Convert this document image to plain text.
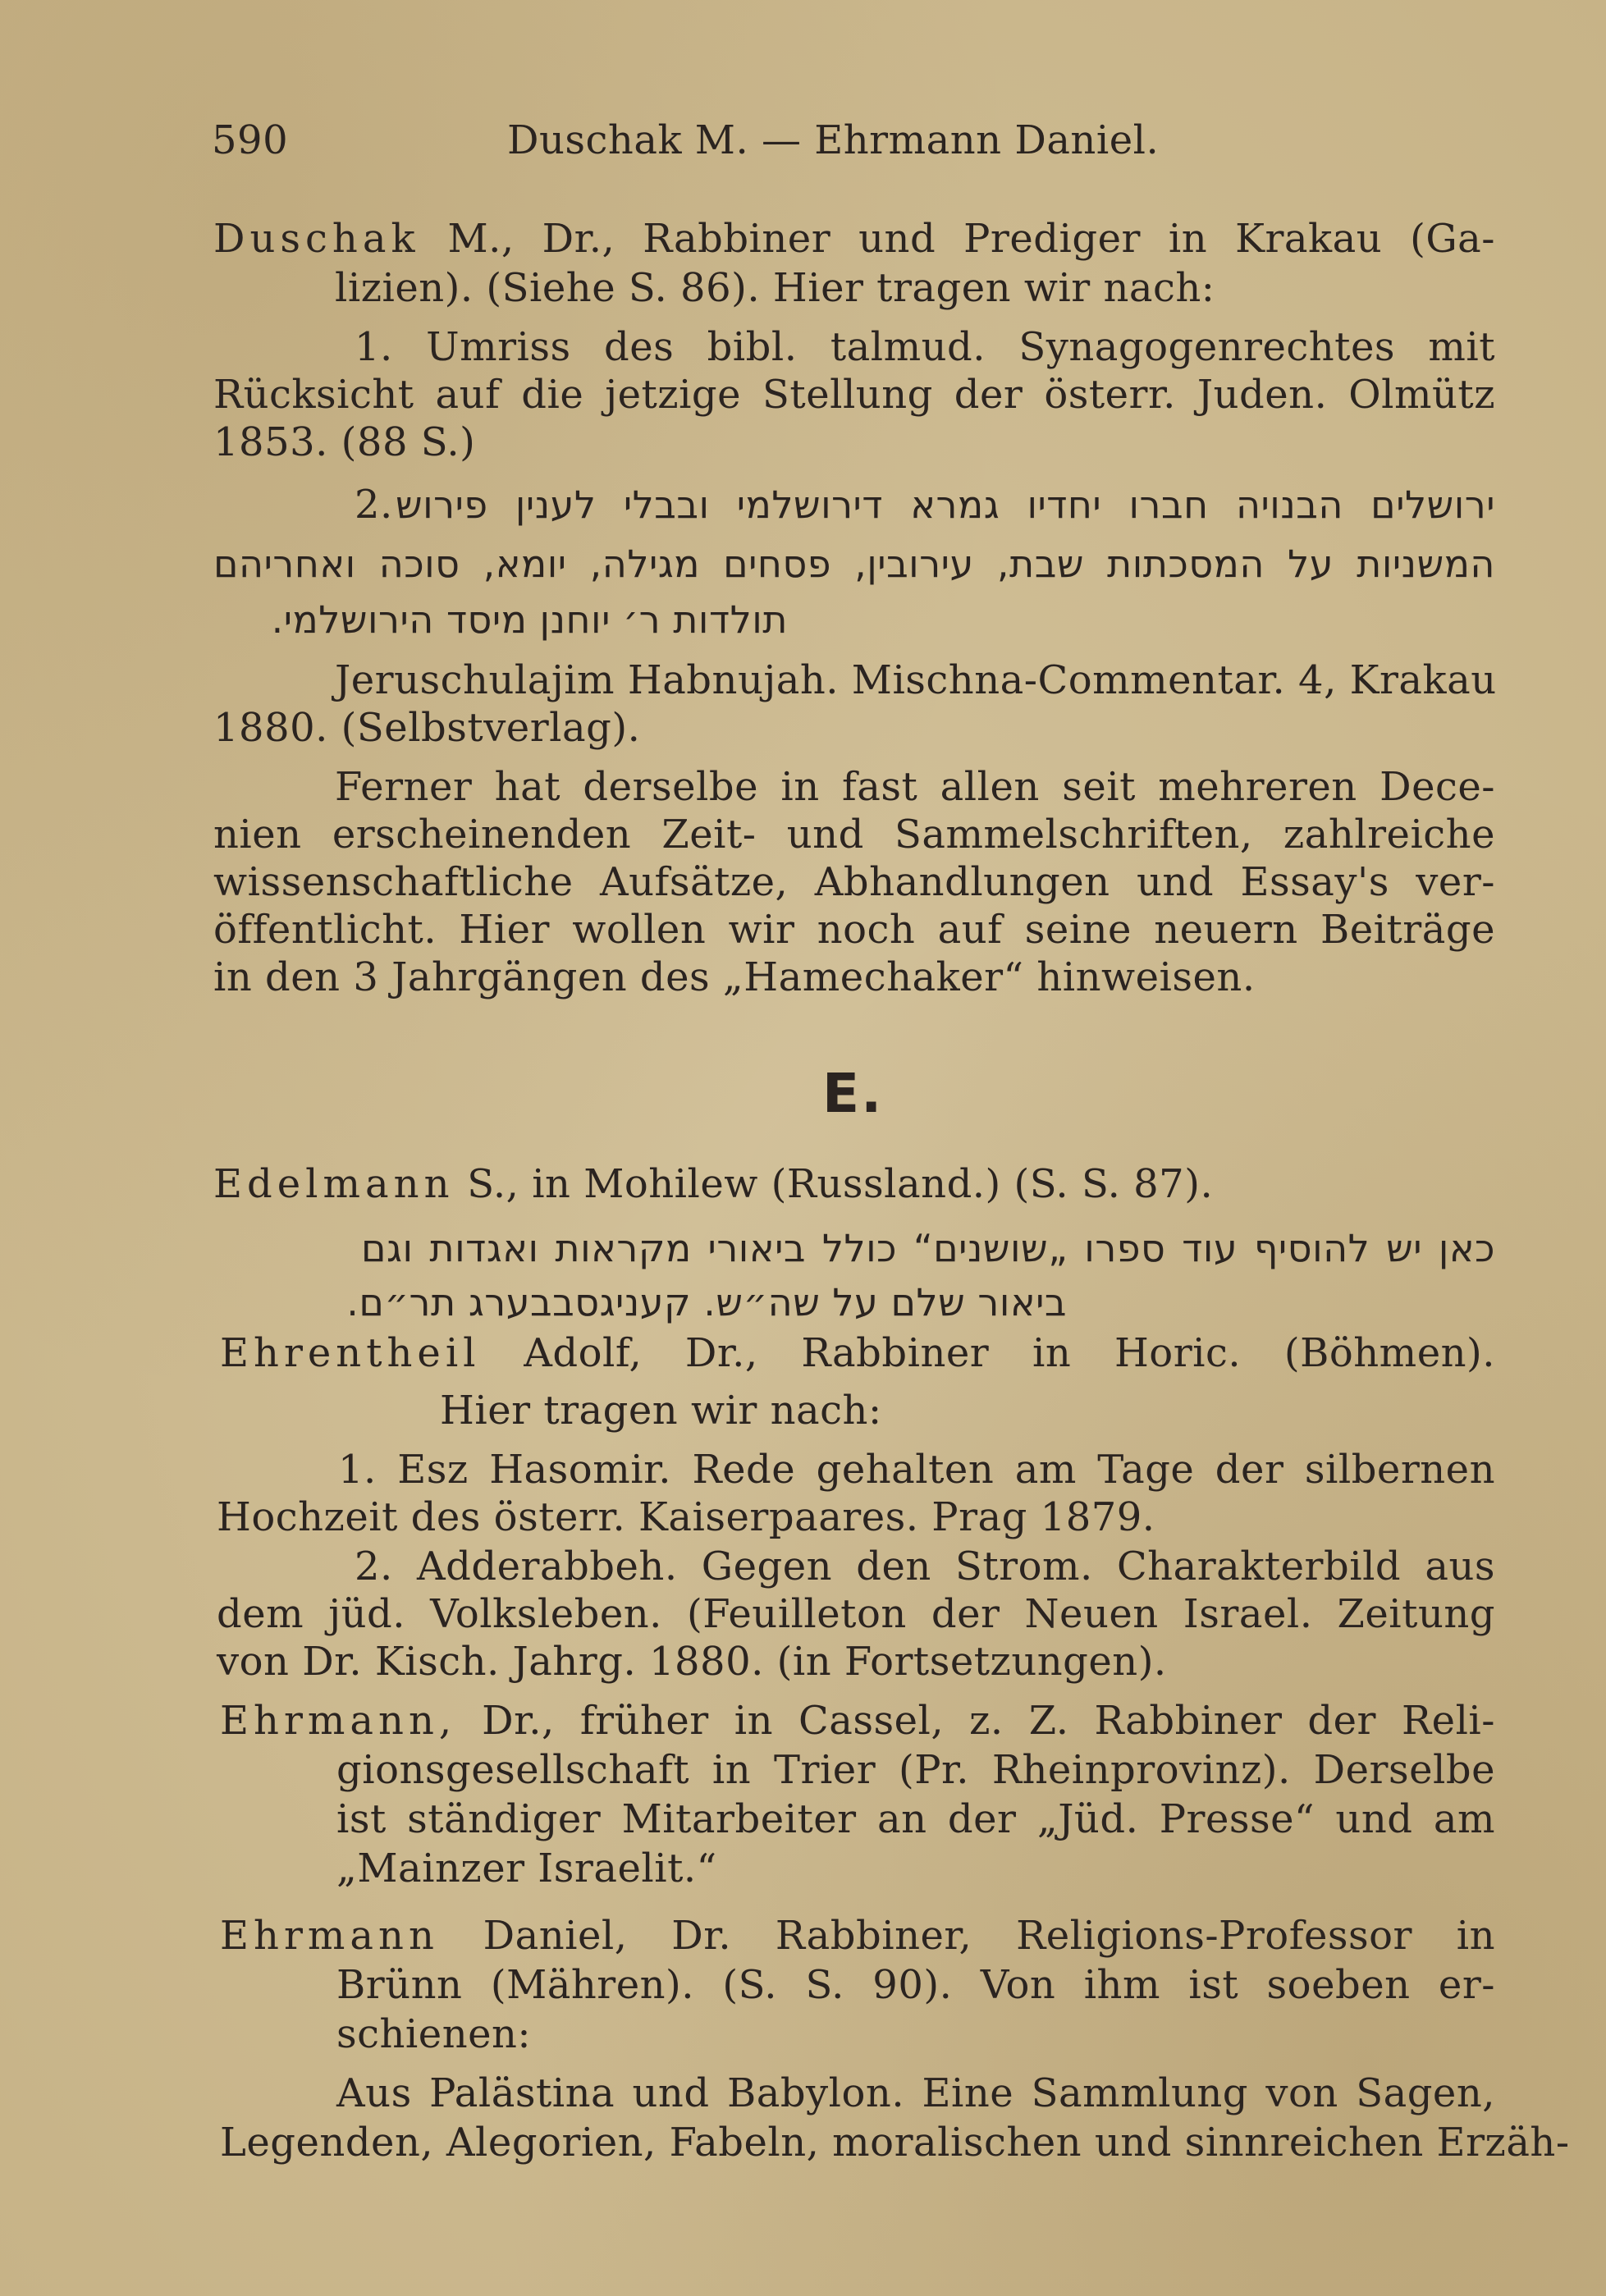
590	Duschak M. — Ehrmann Daniel.
Duschak M., Dr., Rabbiner und Prediger in Krakau (Ga-
lizien). (Siehe S. 86). Hier tragen wir nach:
1. Umriss des bibl. talmud. Synagogenrechtes mit
Rücksicht auf die jetzige Stellung der österr. Juden. Olmütz
1853. (88 S.)
2. ירושלים הבנויה חברו יחדיו גמרא דירושלמי ובבלי לענין פירוש
המשניות על המסכתות שבת, עירובין, פסחים מגילה, יומא, סוכה ואחריהם
תולדות ר׳ יוחנן מיסד הירושלמי.
Jeruschulajim Habnujah. Mischna-Commentar. 4, Krakau
1880. (Selbstverlag).
Ferner hat derselbe in fast allen seit mehreren Dece-
nien erscheinenden Zeit- und Sammelschriften, zahlreiche
wissenschaftliche Aufsätze, Abhandlungen und Essay's ver-
öffentlicht. Hier wollen wir noch auf seine neuern Beiträge
in den 3 Jahrgängen des „Hamechaker“ hinweisen.
E.
Edelmann S., in Mohilew (Russland.) (S. S. 87).
כאן יש להוסיף עוד ספרו „שושנים“ כולל ביאורי מקראות ואגדות וגם
ביאור שלם על שה״ש. קעניגסבבערג תר״ם.
Ehrentheil Adolf, Dr., Rabbiner in Horic. (Böhmen).
Hier tragen wir nach:
1. Esz Hasomir. Rede gehalten am Tage der silbernen
Hochzeit des österr. Kaiserpaares. Prag 1879.
2. Adderabbeh. Gegen den Strom. Charakterbild aus
dem jüd. Volksleben. (Feuilleton der Neuen Israel. Zeitung
von Dr. Kisch. Jahrg. 1880. (in Fortsetzungen).
Ehrmann, Dr., früher in Cassel, z. Z. Rabbiner der Reli-
gionsgesellschaft in Trier (Pr. Rheinprovinz). Derselbe
ist ständiger Mitarbeiter an der „Jüd. Presse“ und am
„Mainzer Israelit.“
Ehrmann Daniel, Dr. Rabbiner, Religions-Professor in
Brünn (Mähren). (S. S. 90). Von ihm ist soeben er-
schienen:
Aus Palästina und Babylon. Eine Sammlung von Sagen,
Legenden, Alegorien, Fabeln, moralischen und sinnreichen Erzäh-
